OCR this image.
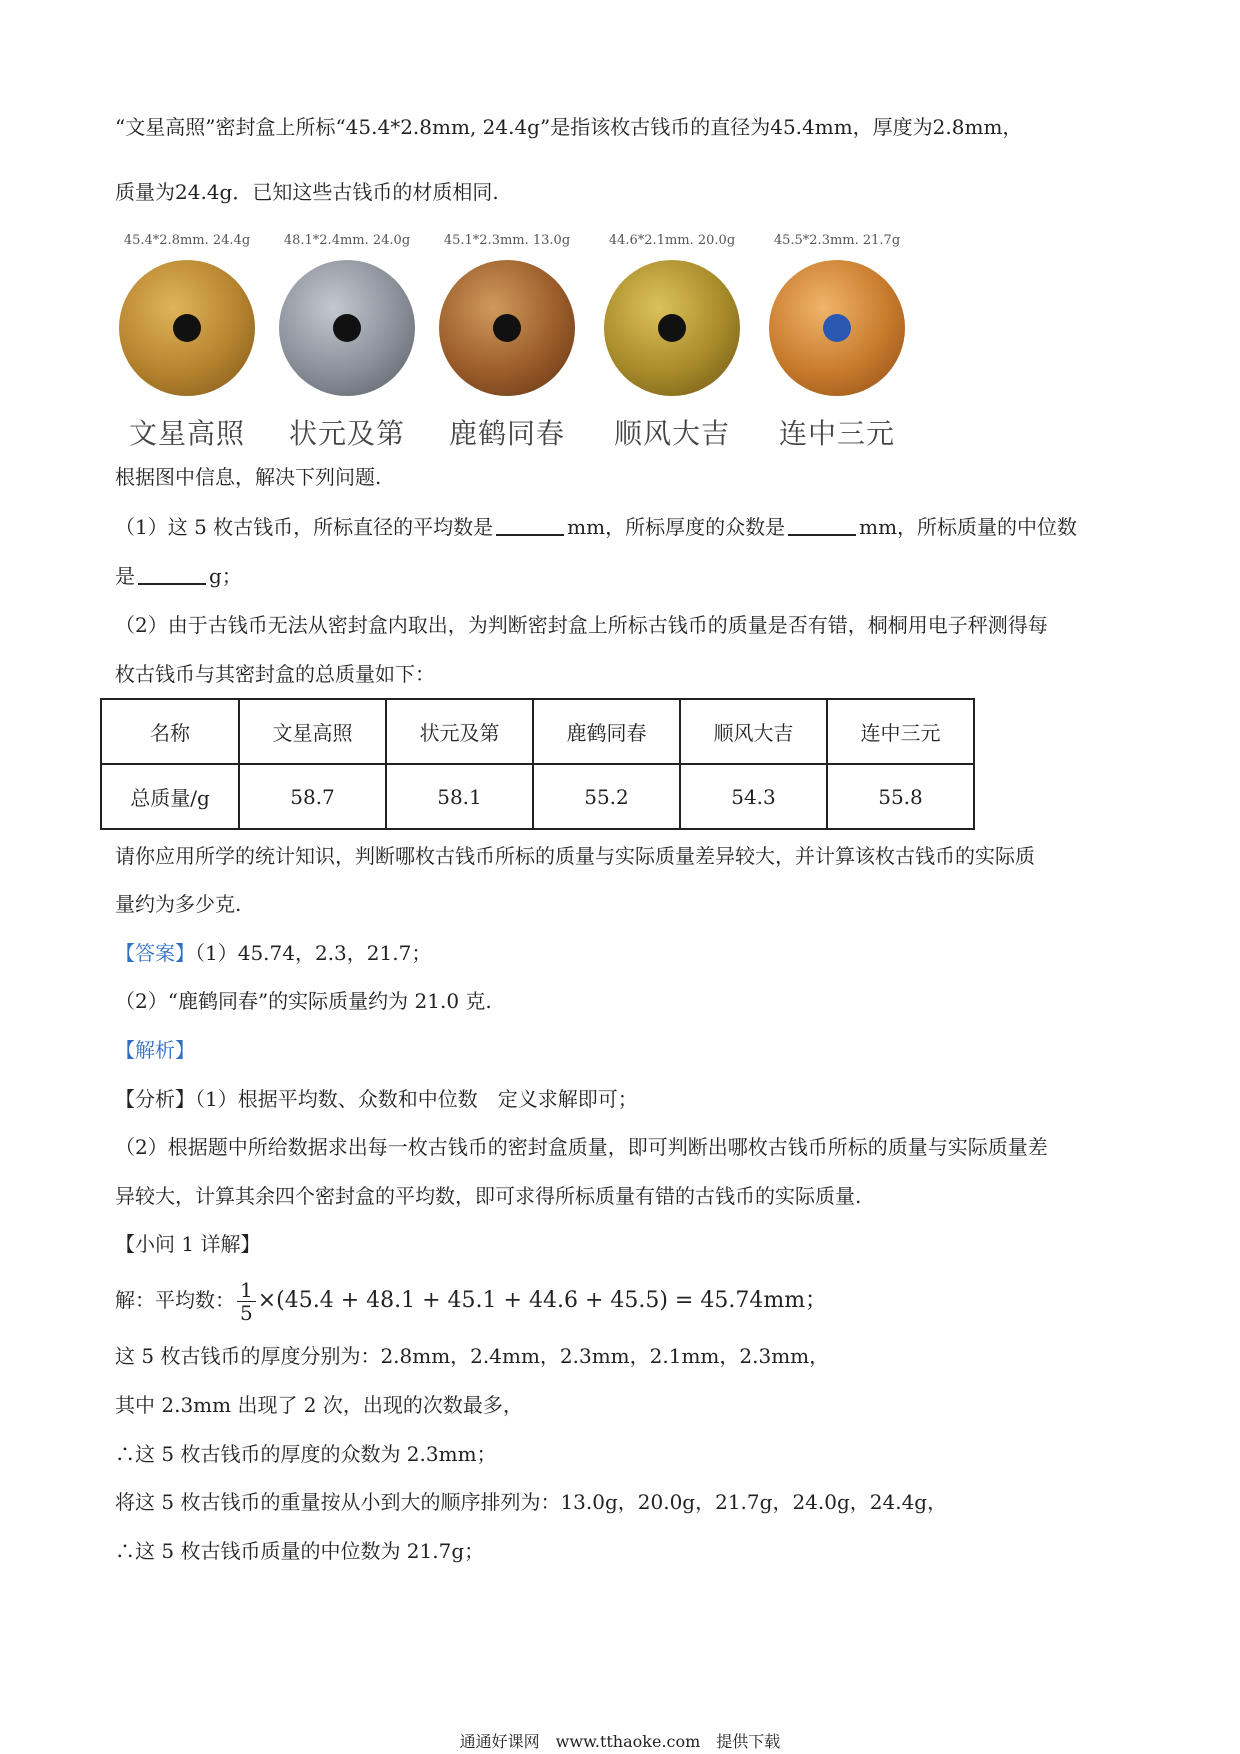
“文星高照”密封盒上所标“45.4*2.8mm, 24.4g”是指该枚古钱币的直径为45.4mm，厚度为2.8mm，
质量为24.4g．已知这些古钱币的材质相同.
45.4*2.8mm. 24.4g
文星高照
48.1*2.4mm. 24.0g
状元及第
45.1*2.3mm. 13.0g
鹿鹤同春
44.6*2.1mm. 20.0g
顺风大吉
45.5*2.3mm. 21.7g
连中三元
根据图中信息，解决下列问题.
（1）这 5 枚古钱币，所标直径的平均数是	mm，所标厚度的众数是	mm，所标质量的中位数
是	g；
（2）由于古钱币无法从密封盒内取出，为判断密封盒上所标古钱币的质量是否有错，桐桐用电子秤测得每
枚古钱币与其密封盒的总质量如下：
名称	文星高照	状元及第	鹿鹤同春	顺风大吉	连中三元
总质量/g	58.7	58.1	55.2	54.3	55.8
请你应用所学的统计知识，判断哪枚古钱币所标的质量与实际质量差异较大，并计算该枚古钱币的实际质
量约为多少克.
【答案】（1）45.74，2.3，21.7；
（2）“鹿鹤同春”的实际质量约为 21.0 克.
【解析】
【分析】（1）根据平均数、众数和中位数　定义求解即可；
（2）根据题中所给数据求出每一枚古钱币的密封盒质量，即可判断出哪枚古钱币所标的质量与实际质量差
异较大，计算其余四个密封盒的平均数，即可求得所标质量有错的古钱币的实际质量.
【小问 1 详解】
解：平均数： $\frac{1}{5} \times(45.4 + 48.1 + 45.1 + 44.6 + 45.5) = 45.74mm$；
这 5 枚古钱币的厚度分别为：2.8mm，2.4mm，2.3mm，2.1mm，2.3mm，
其中 2.3mm 出现了 2 次，出现的次数最多，
∴这 5 枚古钱币的厚度的众数为 2.3mm；
将这 5 枚古钱币的重量按从小到大的顺序排列为：13.0g，20.0g，21.7g，24.0g，24.4g，
∴这 5 枚古钱币质量的中位数为 21.7g；
通通好课网　www.tthaoke.com　提供下载
